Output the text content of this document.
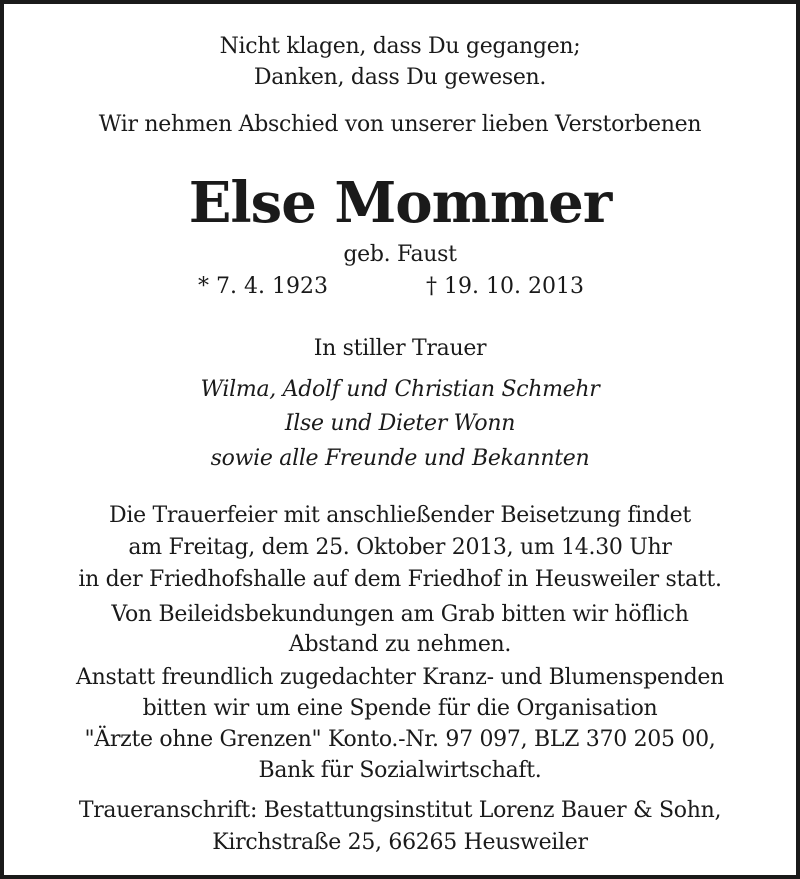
Nicht klagen, dass Du gegangen;
Danken, dass Du gewesen.
Wir nehmen Abschied von unserer lieben Verstorbenen
Else Mommer
geb. Faust
* 7. 4. 1923	† 19. 10. 2013
In stiller Trauer
Wilma, Adolf und Christian Schmehr
Ilse und Dieter Wonn
sowie alle Freunde und Bekannten
Die Trauerfeier mit anschließender Beisetzung findet
am Freitag, dem 25. Oktober 2013, um 14.30 Uhr
in der Friedhofshalle auf dem Friedhof in Heusweiler statt.
Von Beileidsbekundungen am Grab bitten wir höflich
Abstand zu nehmen.
Anstatt freundlich zugedachter Kranz- und Blumenspenden
bitten wir um eine Spende für die Organisation
"Ärzte ohne Grenzen" Konto.-Nr. 97 097, BLZ 370 205 00,
Bank für Sozialwirtschaft.
Traueranschrift: Bestattungsinstitut Lorenz Bauer & Sohn,
Kirchstraße 25, 66265 Heusweiler
